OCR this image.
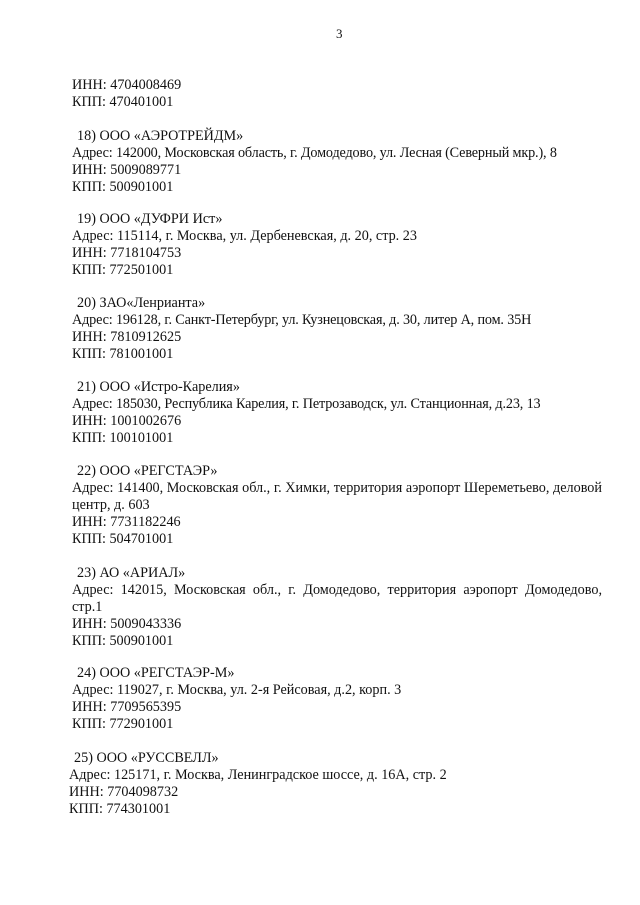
3
ИНН: 4704008469
КПП: 470401001
18) ООО «АЭРОТРЕЙДМ»
Адрес: 142000, Московская область, г. Домодедово, ул. Лесная (Северный мкр.), 8
ИНН: 5009089771
КПП: 500901001
19) ООО «ДУФРИ Ист»
Адрес: 115114, г. Москва, ул. Дербеневская, д. 20, стр. 23
ИНН: 7718104753
КПП: 772501001
20) ЗАО«Ленрианта»
Адрес: 196128, г. Санкт-Петербург, ул. Кузнецовская, д. 30, литер А, пом. 35Н
ИНН: 7810912625
КПП: 781001001
21) ООО «Истро-Карелия»
Адрес: 185030, Республика Карелия, г. Петрозаводск, ул. Станционная, д.23, 13
ИНН: 1001002676
КПП: 100101001
22) ООО «РЕГСТАЭР»
Адрес: 141400, Московская обл., г. Химки, территория аэропорт Шереметьево, деловой центр, д. 603
ИНН: 7731182246
КПП: 504701001
23) АО «АРИАЛ»
Адрес: 142015, Московская обл., г. Домодедово, территория аэропорт Домодедово, стр.1
ИНН: 5009043336
КПП: 500901001
24) ООО «РЕГСТАЭР-М»
Адрес: 119027, г. Москва, ул. 2-я Рейсовая, д.2, корп. 3
ИНН: 7709565395
КПП: 772901001
25) ООО «РУССВЕЛЛ»
Адрес: 125171, г. Москва, Ленинградское шоссе, д. 16А, стр. 2
ИНН: 7704098732
КПП: 774301001
